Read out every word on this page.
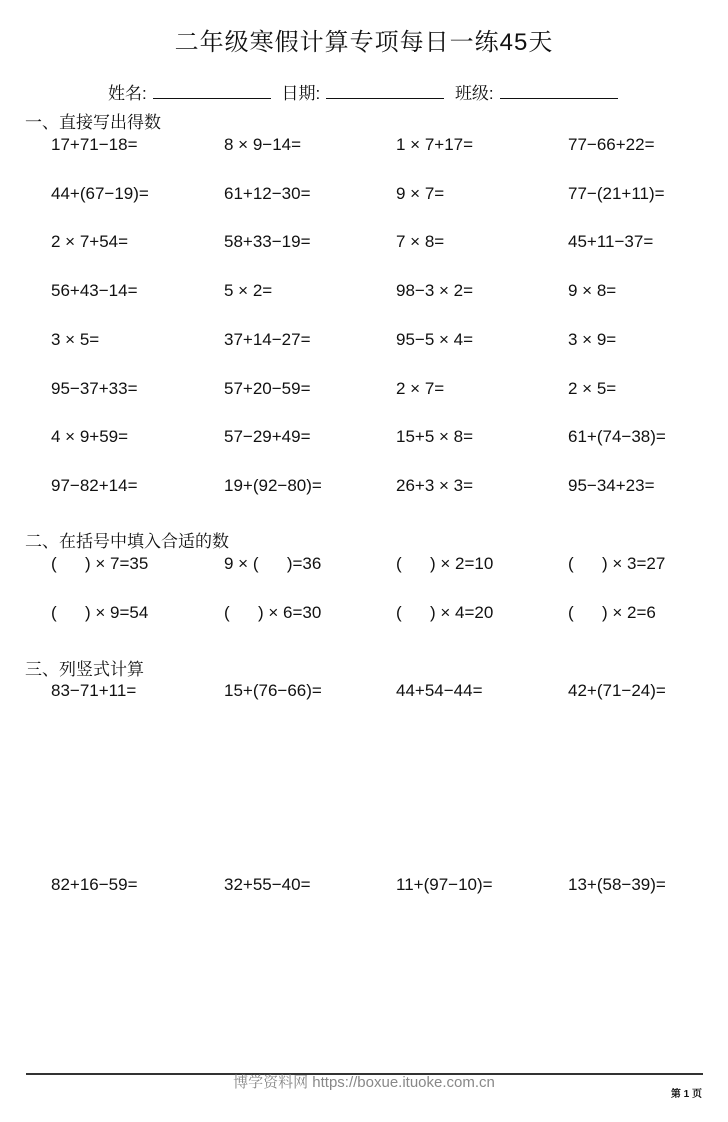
二年级寒假计算专项每日一练45天
姓名:	日期:	班级:
一、直接写出得数
17+71−18=	8 × 9−14=	1 × 7+17=	77−66+22=
44+(67−19)=	61+12−30=	9 × 7=	77−(21+11)=
2 × 7+54=	58+33−19=	7 × 8=	45+11−37=
56+43−14=	5 × 2=	98−3 × 2=	9 × 8=
3 × 5=	37+14−27=	95−5 × 4=	3 × 9=
95−37+33=	57+20−59=	2 × 7=	2 × 5=
4 × 9+59=	57−29+49=	15+5 × 8=	61+(74−38)=
97−82+14=	19+(92−80)=	26+3 × 3=	95−34+23=
二、在括号中填入合适的数
(      ) × 7=35	9 × (      )=36	(      ) × 2=10	(      ) × 3=27
(      ) × 9=54	(      ) × 6=30	(      ) × 4=20	(      ) × 2=6
三、列竖式计算
83−71+11=	15+(76−66)=	44+54−44=	42+(71−24)=
82+16−59=	32+55−40=	11+(97−10)=	13+(58−39)=
博学资料网 https://boxue.ituoke.com.cn
第 1 页
